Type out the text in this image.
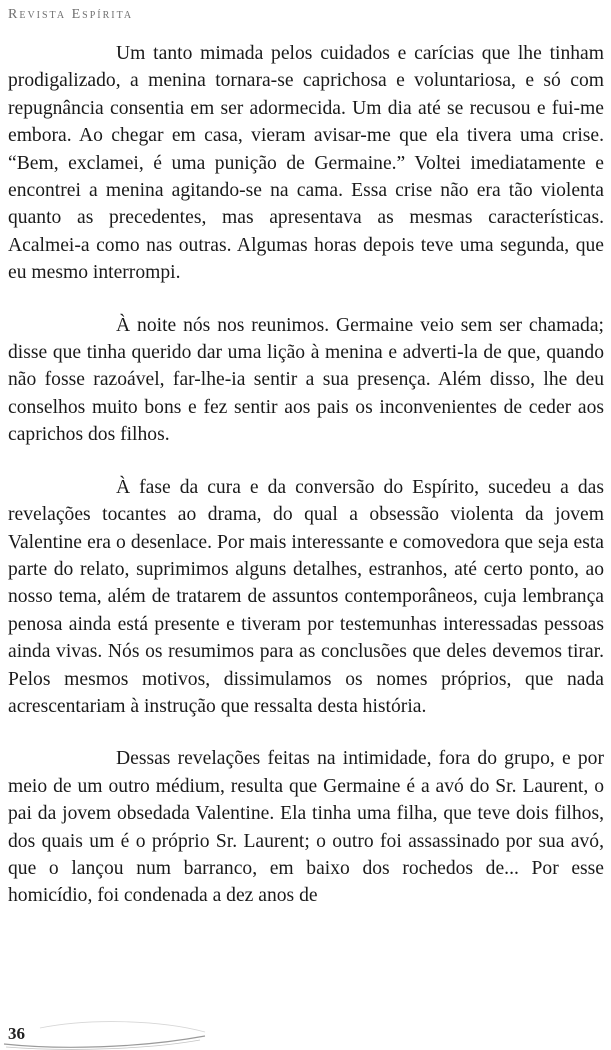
Revista Espírita

Um tanto mimada pelos cuidados e carícias que lhe tinham prodigalizado, a menina tornara-se caprichosa e voluntariosa, e só com repugnância consentia em ser adormecida. Um dia até se recusou e fui-me embora. Ao chegar em casa, vieram avisar-me que ela tivera uma crise. “Bem, exclamei, é uma punição de Germaine.” Voltei imediatamente e encontrei a menina agitando-se na cama. Essa crise não era tão violenta quanto as precedentes, mas apresentava as mesmas características. Acalmei-a como nas outras. Algumas horas depois teve uma segunda, que eu mesmo interrompi.

À noite nós nos reunimos. Germaine veio sem ser chamada; disse que tinha querido dar uma lição à menina e adverti-la de que, quando não fosse razoável, far-lhe-ia sentir a sua presença. Além disso, lhe deu conselhos muito bons e fez sentir aos pais os inconvenientes de ceder aos caprichos dos filhos.

À fase da cura e da conversão do Espírito, sucedeu a das revelações tocantes ao drama, do qual a obsessão violenta da jovem Valentine era o desenlace. Por mais interessante e comovedora que seja esta parte do relato, suprimimos alguns detalhes, estranhos, até certo ponto, ao nosso tema, além de tratarem de assuntos contemporâneos, cuja lembrança penosa ainda está presente e tiveram por testemunhas interessadas pessoas ainda vivas. Nós os resumimos para as conclusões que deles devemos tirar. Pelos mesmos motivos, dissimulamos os nomes próprios, que nada acrescentariam à instrução que ressalta desta história.

Dessas revelações feitas na intimidade, fora do grupo, e por meio de um outro médium, resulta que Germaine é a avó do Sr. Laurent, o pai da jovem obsedada Valentine. Ela tinha uma filha, que teve dois filhos, dos quais um é o próprio Sr. Laurent; o outro foi assassinado por sua avó, que o lançou num barranco, em baixo dos rochedos de... Por esse homicídio, foi condenada a dez anos de

36
